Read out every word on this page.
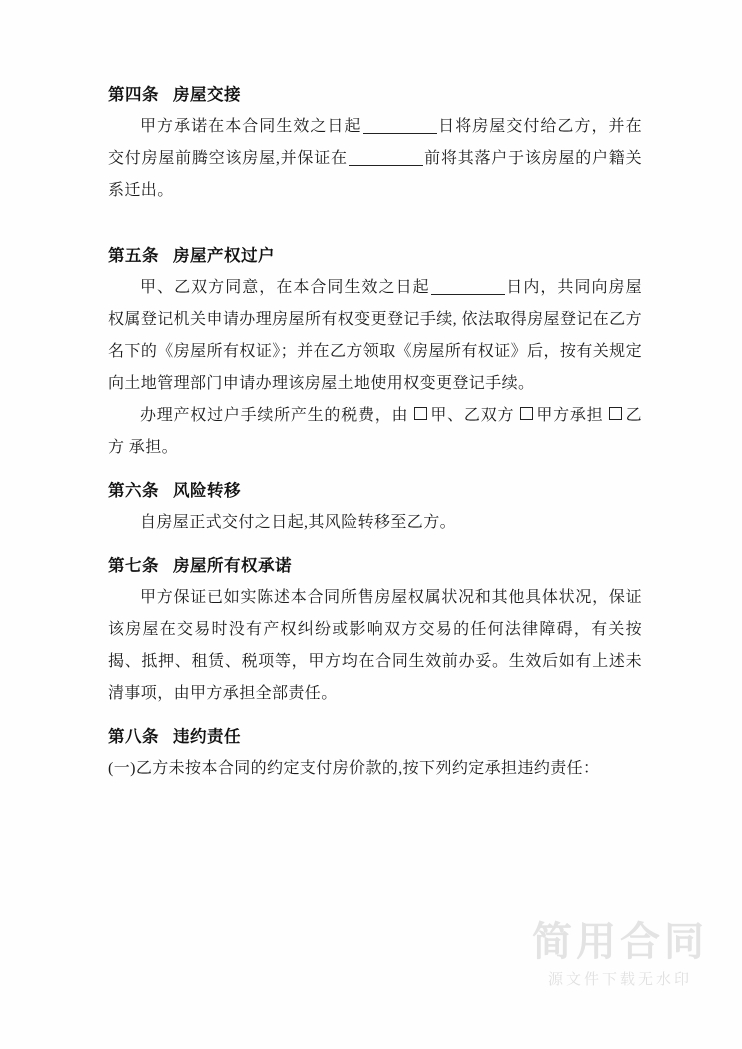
第四条 房屋交接

甲方承诺在本合同生效之日起	日将房屋交付给乙方，并在交付房屋前腾空该房屋,并保证在	前将其落户于该房屋的户籍关系迁出。

第五条 房屋产权过户

甲、乙双方同意，在本合同生效之日起	日内，共同向房屋权属登记机关申请办理房屋所有权变更登记手续, 依法取得房屋登记在乙方名下的《房屋所有权证》；并在乙方领取《房屋所有权证》后，按有关规定向土地管理部门申请办理该房屋土地使用权变更登记手续。

办理产权过户手续所产生的税费，由 甲、乙双方 甲方承担 乙方 承担。

第六条 风险转移

自房屋正式交付之日起,其风险转移至乙方。

第七条 房屋所有权承诺

甲方保证已如实陈述本合同所售房屋权属状况和其他具体状况，保证该房屋在交易时没有产权纠纷或影响双方交易的任何法律障碍，有关按揭、抵押、租赁、税项等，甲方均在合同生效前办妥。生效后如有上述未清事项，由甲方承担全部责任。

第八条 违约责任

(一)乙方未按本合同的约定支付房价款的,按下列约定承担违约责任：

简用合同
源文件下载无水印
